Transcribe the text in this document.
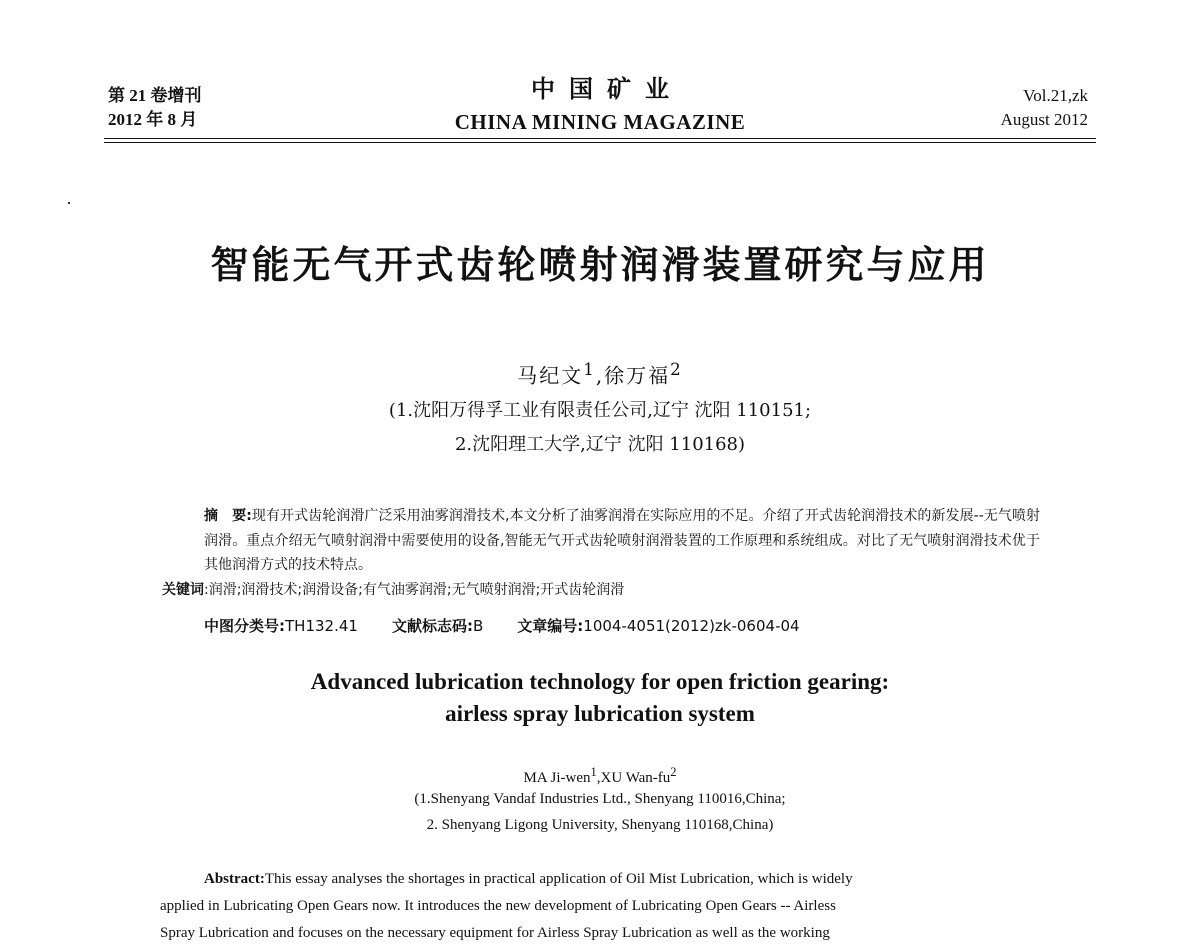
第 21 卷增刊
2012 年 8 月
中国矿业
CHINA MINING MAGAZINE
Vol.21,zk
August 2012
智能无气开式齿轮喷射润滑装置研究与应用
马纪文$^1$,徐万福$^2$
(1.沈阳万得孚工业有限责任公司,辽宁 沈阳 110151;
2.沈阳理工大学,辽宁 沈阳 110168)
摘　要:现有开式齿轮润滑广泛采用油雾润滑技术,本文分析了油雾润滑在实际应用的不足。介绍了开式齿轮润滑技术的新发展--无气喷射润滑。重点介绍无气喷射润滑中需要使用的设备,智能无气开式齿轮喷射润滑装置的工作原理和系统组成。对比了无气喷射润滑技术优于其他润滑方式的技术特点。
关键词:润滑;润滑技术;润滑设备;有气油雾润滑;无气喷射润滑;开式齿轮润滑
中图分类号:TH132.41 文献标志码:B 文章编号:1004-4051(2012)zk-0604-04
Advanced lubrication technology for open friction gearing:
airless spray lubrication system
MA Ji-wen$^1$,XU Wan-$fu^2$
(1.Shenyang Vandaf Industries Ltd., Shenyang 110016,China;
2. Shenyang Ligong University, Shenyang 110168,China)
Abstract:This essay analyses the shortages in practical application of Oil Mist Lubrication, which is widely
applied in Lubricating Open Gears now. It introduces the new development of Lubricating Open Gears -- Airless
Spray Lubrication and focuses on the necessary equipment for Airless Spray Lubrication as well as the working
